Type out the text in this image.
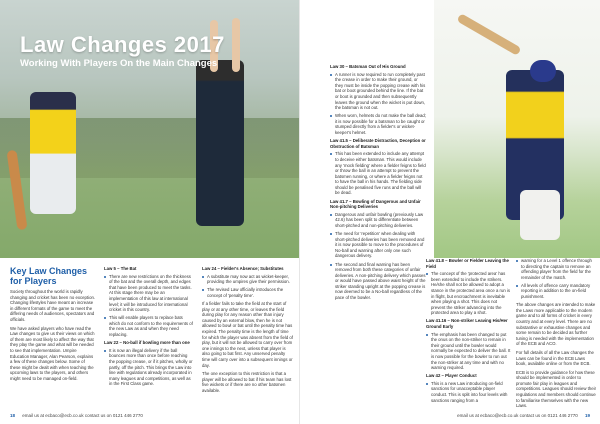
Law Changes 2017
Working With Players On the Main Changes
Key Law Changes for Players

Society throughout the world is rapidly changing and cricket has been no exception. Changing lifestyles have meant an increase in different formats of the game to meet the differing needs of audiences, spectators and officials.

We have asked players who have read the Law changes to give us their views on which of them are most likely to affect the way that they play the game and what will be needed to see that implementation. Umpire Education Manager, Alan Pearson, explains a few of these changes below. Some of these might be dealt with when teaching the upcoming laws to the players, and others might need to be managed on-field.

Law 5 – The Bat
There are new restrictions on the thickness of the bat and the overall depth, and edges that have been produced to meet the tasks. At this stage there may be an implementation of this law at international level; it will be introduced for international cricket in this country.
This will enable players to replace bats which do not conform to the requirements of the new Law as and when they need replacing.
Law 22 – No-ball if bowling more than one
It is now an illegal delivery if the ball bounces more than once before reaching the popping crease, or if it pitches, wholly or partly, off the pitch. This brings the Law into line with regulations already incorporated in many leagues and competitions, as well as in the First Class game.
Law 24 – Fielder's Absence; Substitutes
A substitute may now act as wicket-keeper, providing the umpires give their permission.
The revised Law officially introduces the concept of 'penalty time'.

If a fielder fails to take the field at the start of play or at any other time, or leaves the field during play for any reason other than injury caused by an external blow, then he is not allowed to bowl or bat until the penalty time has expired. The penalty time is the length of time for which the player was absent from the field of play, but it will not be allowed to carry over from one innings to the next, unless that player is also going to bat first. Any unserved penalty time will carry over into a subsequent innings or day.

The one exception to this restriction is that a player will be allowed to bat if his team has lost five wickets or if there are no other batsmen available.

18 email us at ecbaco@ecb.co.uk contact us on 0121 446 2770
Law 30 – Batsman Out of His Ground
A runner is now required to run completely past the crease in order to make their ground, or they must be inside the popping crease with his bat or boot grounded behind the line. If the bat or boot is grounded and then subsequently leaves the ground when the wicket is put down, the batsman is not out.
When worn, helmets do not make the ball dead; it is now possible for a batsman to be caught or stumped directly from a fielder's or wicket-keeper's helmet.
Law 41.5 – Deliberate Distraction, Deception or Obstruction of Batsman
This has been extended to include any attempt to deceive either batsman. This would include any 'mock fielding' where a fielder feigns to field or throw the ball in an attempt to prevent the batsmen running, or where a fielder feigns not to have the ball in his hands. The fielding side should be penalised five runs and the ball will be dead.
Law 41.7 – Bowling of Dangerous and Unfair Non-pitching Deliveries
Dangerous and unfair bowling (previously Law 42.6) has been split to differentiate between short-pitched and non-pitching deliveries.
The need for 'repetition' when dealing with short-pitched deliveries has been removed and it is now possible to move to the procedures of No-ball and warning after only one such dangerous delivery.
The second and final warning has been removed from both these categories of unfair deliveries. A non-pitching delivery which passes or would have passed above waist height of the striker standing upright at the popping crease is now deemed to be a No-ball regardless of the pace of the bowler.
Law 41.8 – Bowler or Fielder Leaving the Field
The concept of the 'protected area' has been extended to include the strikers. He/she shall not be allowed to adopt a stance in the protected area once a run is in flight, but encroachment is inevitable when playing a shot. This does not prevent the striker advancing into the protected area to play a shot.
Law 41.16 – Non-striker Leaving His/Her Ground Early
The emphasis has been changed to put the onus on the non-striker to remain in their ground until the bowler would normally be expected to deliver the ball. It is now possible for the bowler to run out the non-striker at any time and with no warning required.
Law 42 – Player Conduct
This is a new Law introducing on-field sanctions for unacceptable player conduct. This is split into four levels with sanctions ranging from a
warning for a Level 1 offence through to directing the captain to remove an offending player from the field for the remainder of the match.
All levels of offence carry mandatory reporting in addition to the on-field punishment.

The above changes are intended to make the Laws more applicable to the modern game and to all forms of cricket in every country and at every level. There are no substantive or exhaustive changes and some remain to be decided as further tuning is needed with the implementation of the ECB and ACO.

For full details of all the Law changes the Laws can be found in the ECB Laws book, available online or from the ECB.

ECB is to provide guidance for how these should be implemented in order to promote fair play in leagues and competitions. Leagues should review their regulations and members should continue to familiarise themselves with the new Laws.

email us at ecbaco@ecb.co.uk contact us on 0121 446 2770 19
